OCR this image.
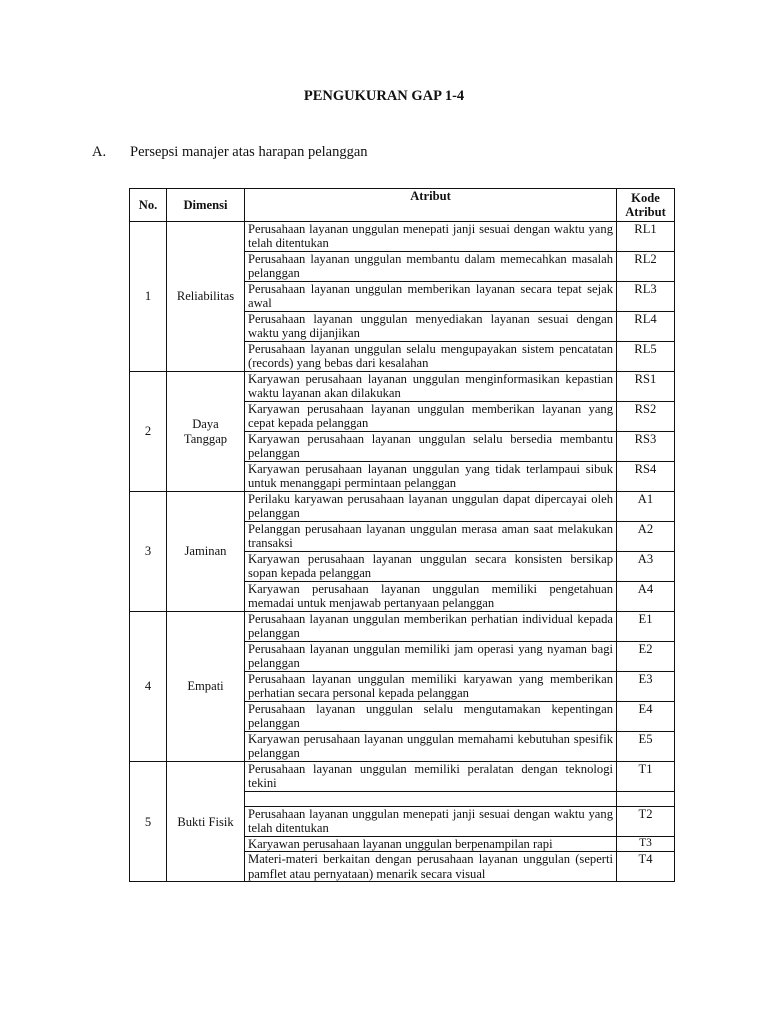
PENGUKURAN GAP 1-4
A. Persepsi manajer atas harapan pelanggan
No.	Dimensi	Atribut	Kode Atribut
1	Reliabilitas	Perusahaan layanan unggulan menepati janji sesuai dengan waktu yang telah ditentukan	RL1
		Perusahaan layanan unggulan membantu dalam memecahkan masalah pelanggan	RL2
		Perusahaan layanan unggulan memberikan layanan secara tepat sejak awal	RL3
		Perusahaan layanan unggulan menyediakan layanan sesuai dengan waktu yang dijanjikan	RL4
		Perusahaan layanan unggulan selalu mengupayakan sistem pencatatan (records) yang bebas dari kesalahan	RL5
2	Daya Tanggap	Karyawan perusahaan layanan unggulan menginformasikan kepastian waktu layanan akan dilakukan	RS1
		Karyawan perusahaan layanan unggulan memberikan layanan yang cepat kepada pelanggan	RS2
		Karyawan perusahaan layanan unggulan selalu bersedia membantu pelanggan	RS3
		Karyawan perusahaan layanan unggulan yang tidak terlampaui sibuk untuk menanggapi permintaan pelanggan	RS4
3	Jaminan	Perilaku karyawan perusahaan layanan unggulan dapat dipercayai oleh pelanggan	A1
		Pelanggan perusahaan layanan unggulan merasa aman saat melakukan transaksi	A2
		Karyawan perusahaan layanan unggulan secara konsisten bersikap sopan kepada pelanggan	A3
		Karyawan perusahaan layanan unggulan memiliki pengetahuan memadai untuk menjawab pertanyaan pelanggan	A4
4	Empati	Perusahaan layanan unggulan memberikan perhatian individual kepada pelanggan	E1
		Perusahaan layanan unggulan memiliki jam operasi yang nyaman bagi pelanggan	E2
		Perusahaan layanan unggulan memiliki karyawan yang memberikan perhatian secara personal kepada pelanggan	E3
		Perusahaan layanan unggulan selalu mengutamakan kepentingan pelanggan	E4
		Karyawan perusahaan layanan unggulan memahami kebutuhan spesifik pelanggan	E5
5	Bukti Fisik	Perusahaan layanan unggulan memiliki peralatan dengan teknologi tekini	T1

		Perusahaan layanan unggulan menepati janji sesuai dengan waktu yang telah ditentukan	T2
		Karyawan perusahaan layanan unggulan berpenampilan rapi	T3
		Materi-materi berkaitan dengan perusahaan layanan unggulan (seperti pamflet atau pernyataan) menarik secara visual	T4
